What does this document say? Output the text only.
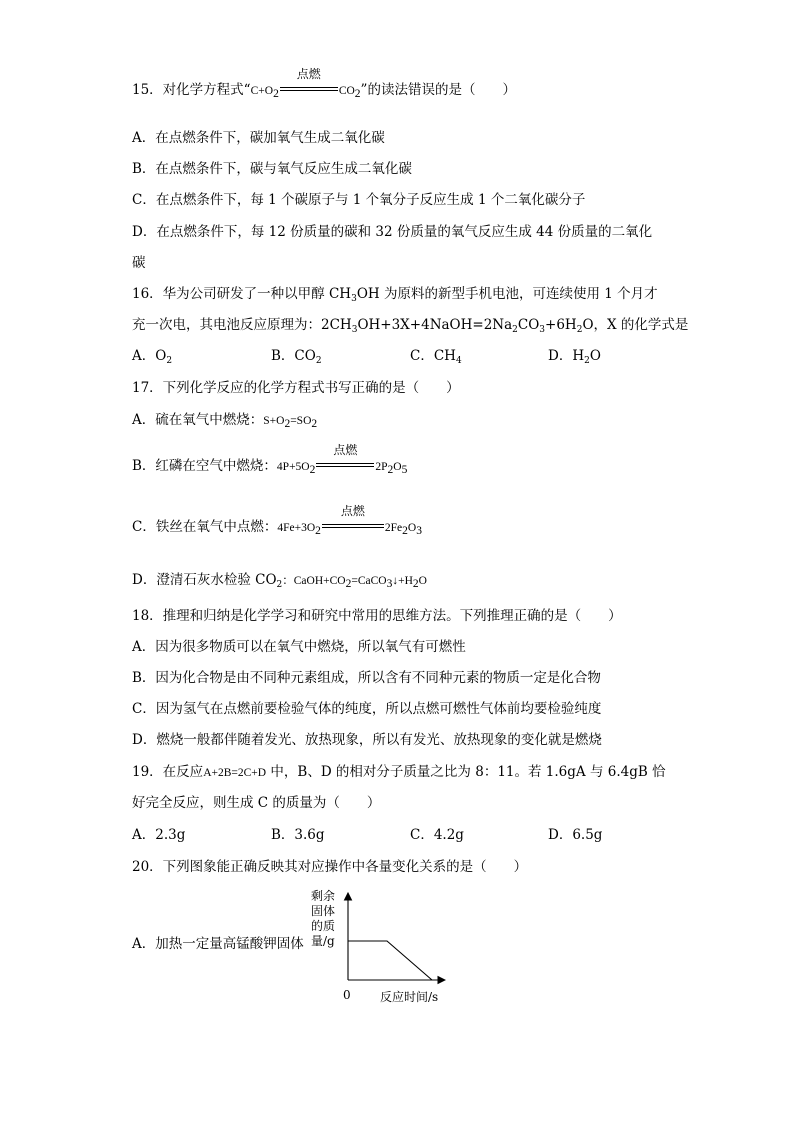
15．对化学方程式“C+O2
点燃
CO2”的读法错误的是（　　）
A．在点燃条件下，碳加氧气生成二氧化碳
B．在点燃条件下，碳与氧气反应生成二氧化碳
C．在点燃条件下，每 1 个碳原子与 1 个氧分子反应生成 1 个二氧化碳分子
D．在点燃条件下，每 12 份质量的碳和 32 份质量的氧气反应生成 44 份质量的二氧化
碳
16．华为公司研发了一种以甲醇 $CH_3OH$ 为原料的新型手机电池，可连续使用 1 个月才
充一次电，其电池反应原理为：$2CH_3OH+3X+4NaOH=2Na_2CO_3+6H_2O$，X 的化学式是
A．$O_2$	B．$CO_2$	C．$CH_4$	D．$H_2O$
17．下列化学反应的化学方程式书写正确的是（　　）
A．硫在氧气中燃烧：S+O2=SO2
B．红磷在空气中燃烧：4P+5O2
点燃
2P2O5
C．铁丝在氧气中点燃：4Fe+3O2
点燃
2Fe2O3
D．澄清石灰水检验 $CO_2$：CaOH+CO2=CaCO3↓+H2O
18．推理和归纳是化学学习和研究中常用的思维方法。下列推理正确的是（　　）
A．因为很多物质可以在氧气中燃烧，所以氧气有可燃性
B．因为化合物是由不同种元素组成，所以含有不同种元素的物质一定是化合物
C．因为氢气在点燃前要检验气体的纯度，所以点燃可燃性气体前均要检验纯度
D．燃烧一般都伴随着发光、放热现象，所以有发光、放热现象的变化就是燃烧
19．在反应A+2B=2C+D 中，B、D 的相对分子质量之比为 8：11。若 1.6gA 与 6.4gB 恰
好完全反应，则生成 C 的质量为（　　）
A．2.3g	B．3.6g	C．4.2g	D．6.5g
20．下列图象能正确反映其对应操作中各量变化关系的是（　　）
A．加热一定量高锰酸钾固体
剩余
固体
的质
量/g
0 反应时间/s
